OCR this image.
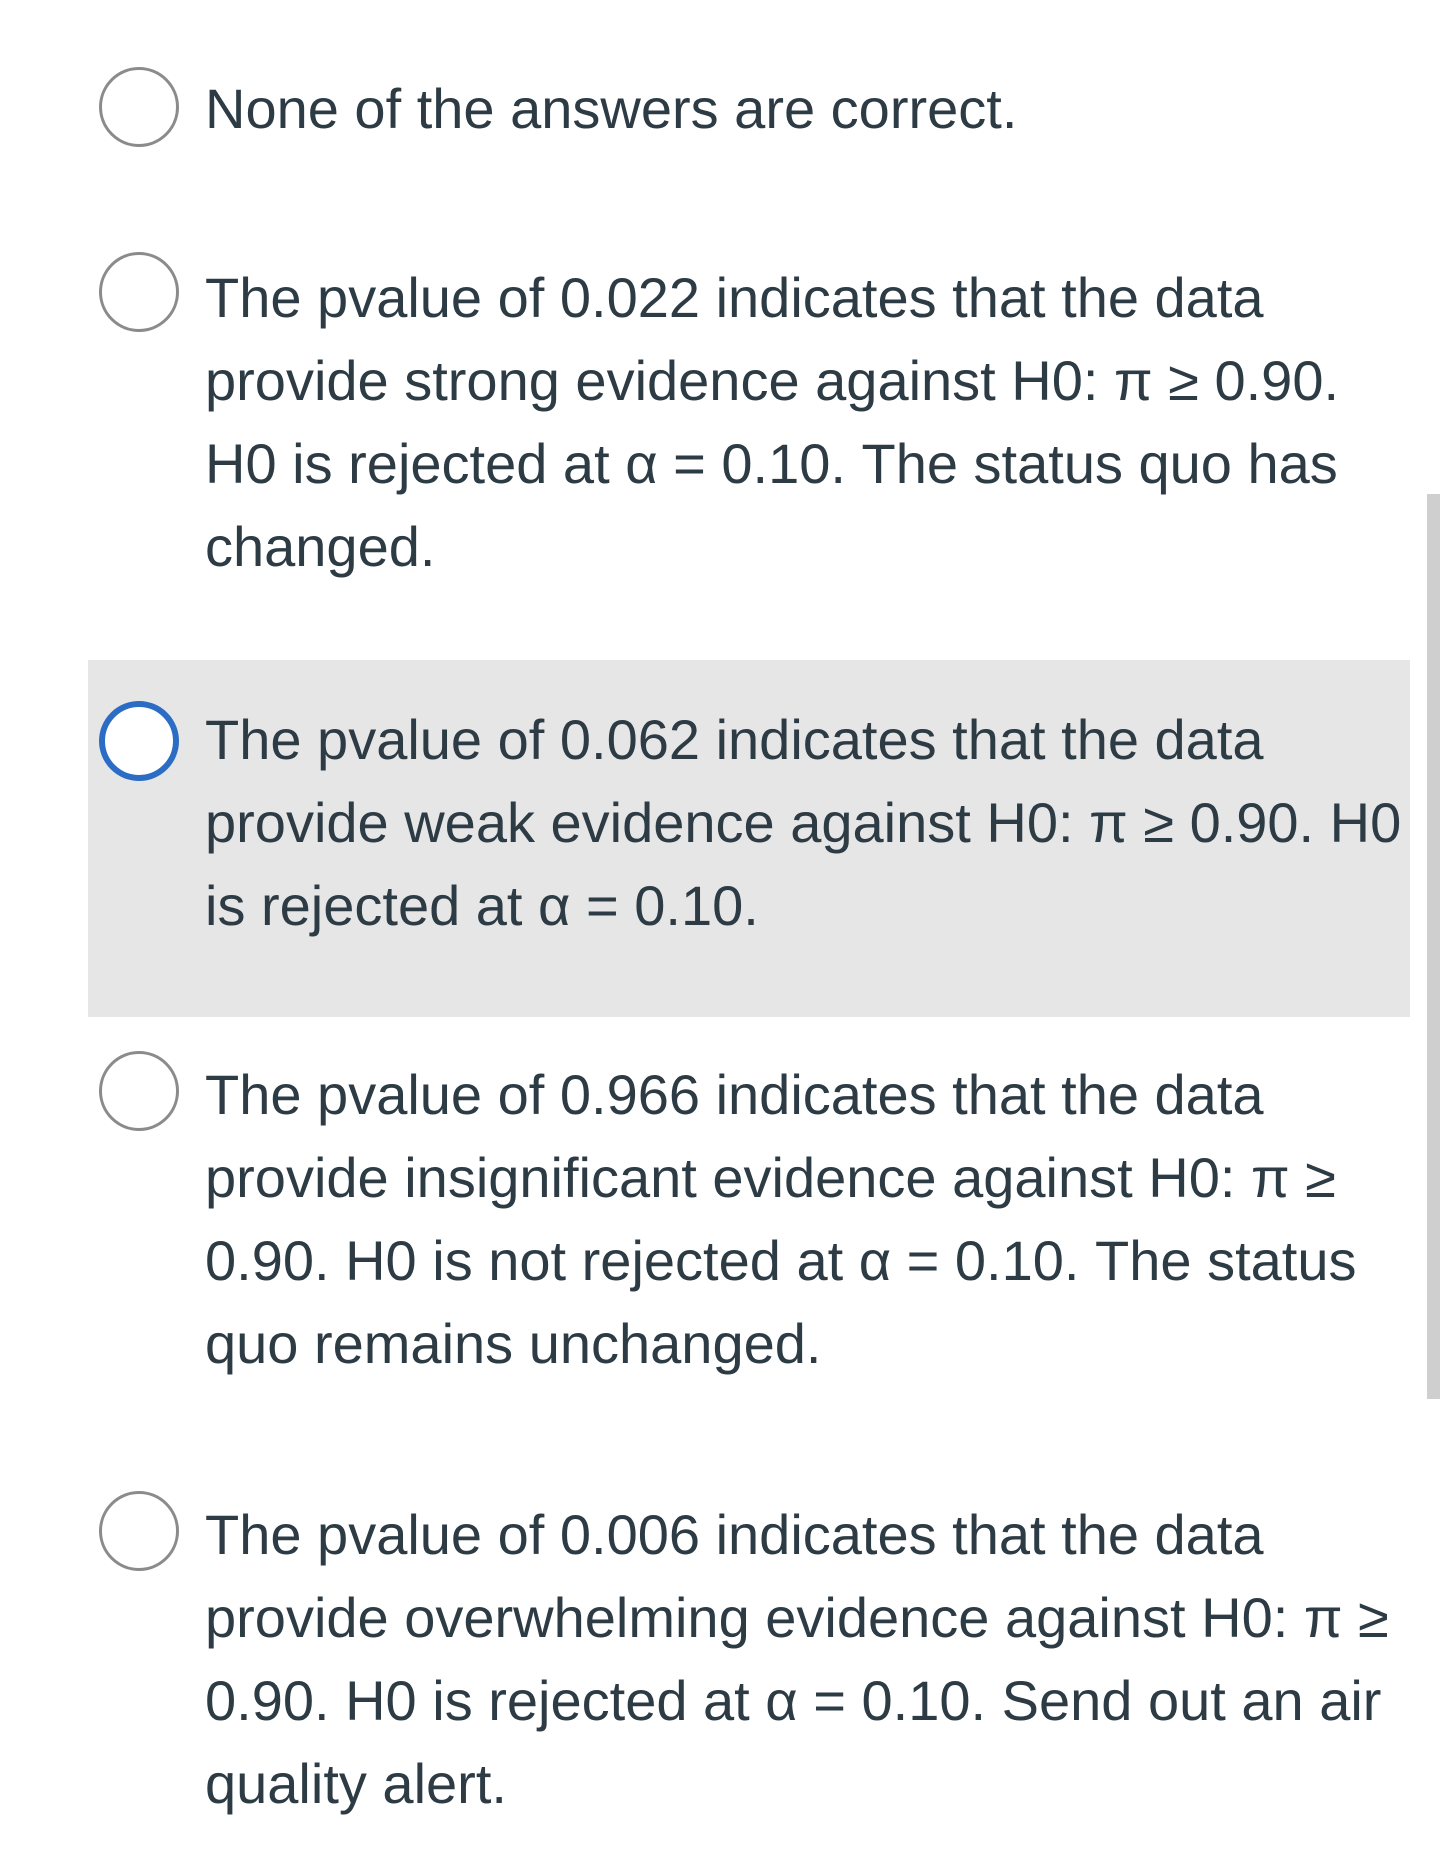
None of the answers are correct.
The pvalue of 0.022 indicates that the data provide strong evidence against H0: π ≥ 0.90. H0 is rejected at α = 0.10. The status quo has changed.
The pvalue of 0.062 indicates that the data provide weak evidence against H0: π ≥ 0.90. H0 is rejected at α = 0.10.
The pvalue of 0.966 indicates that the data provide insignificant evidence against H0: π ≥ 0.90. H0 is not rejected at α = 0.10. The status quo remains unchanged.
The pvalue of 0.006 indicates that the data provide overwhelming evidence against H0: π ≥ 0.90. H0 is rejected at α = 0.10. Send out an air quality alert.
